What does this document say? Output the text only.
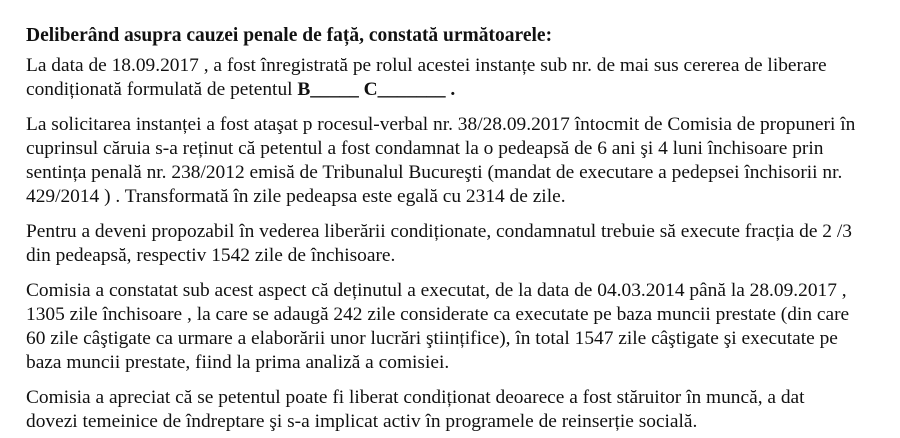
Deliberând asupra cauzei penale de față, constată următoarele:

La data de 18.09.2017 , a fost înregistrată pe rolul acestei instanțe sub nr. de mai sus cererea de liberare condiționată formulată de petentul B_____ C_______ .

La solicitarea instanței a fost ataşat p rocesul-verbal nr. 38/28.09.2017 întocmit de Comisia de propuneri în cuprinsul căruia s-a reținut că petentul a fost condamnat la o pedeapsă de 6 ani şi 4 luni închisoare prin sentința penală nr. 238/2012 emisă de Tribunalul Bucureşti (mandat de executare a pedepsei închisorii nr. 429/2014 ) . Transformată în zile pedeapsa este egală cu 2314 de zile.

Pentru a deveni propozabil în vederea liberării condiționate, condamnatul trebuie să execute fracția de 2 /3 din pedeapsă, respectiv 1542 zile de închisoare.

Comisia a constatat sub acest aspect că deținutul a executat, de la data de 04.03.2014 până la 28.09.2017 , 1305 zile închisoare , la care se adaugă 242 zile considerate ca executate pe baza muncii prestate (din care 60 zile câştigate ca urmare a elaborării unor lucrări ştiințifice), în total 1547 zile câştigate şi executate pe baza muncii prestate, fiind la prima analiză a comisiei.

Comisia a apreciat că se petentul poate fi liberat condiționat deoarece a fost stăruitor în muncă, a dat dovezi temeinice de îndreptare şi s-a implicat activ în programele de reinserție socială.
